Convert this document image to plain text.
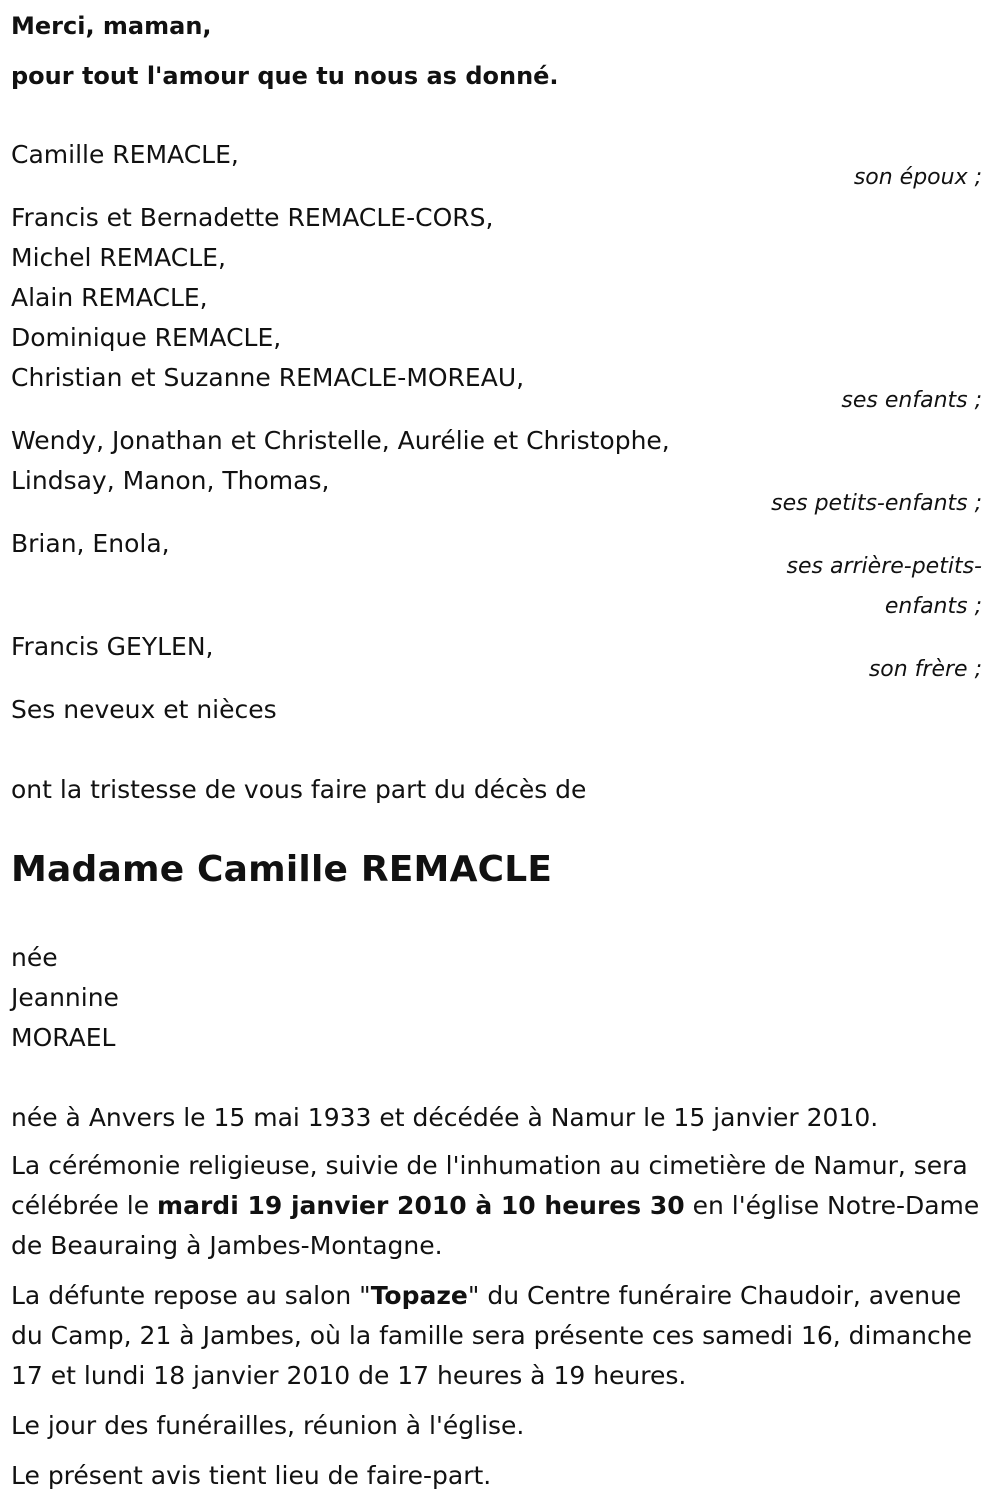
Merci, maman,
pour tout l'amour que tu nous as donné.
Camille REMACLE,
son époux ;
Francis et Bernadette REMACLE-CORS,
Michel REMACLE,
Alain REMACLE,
Dominique REMACLE,
Christian et Suzanne REMACLE-MOREAU,
ses enfants ;
Wendy, Jonathan et Christelle, Aurélie et Christophe,
Lindsay, Manon, Thomas,
ses petits-enfants ;
Brian, Enola,
ses arrière-petits-
enfants ;
Francis GEYLEN,
son frère ;
Ses neveux et nièces
ont la tristesse de vous faire part du décès de
Madame Camille REMACLE
née
Jeannine
MORAEL
née à Anvers le 15 mai 1933 et décédée à Namur le 15 janvier 2010.
La cérémonie religieuse, suivie de l'inhumation au cimetière de Namur, sera célébrée le mardi 19 janvier 2010 à 10 heures 30 en l'église Notre-Dame de Beauraing à Jambes-Montagne.
La défunte repose au salon "Topaze" du Centre funéraire Chaudoir, avenue du Camp, 21 à Jambes, où la famille sera présente ces samedi 16, dimanche 17 et lundi 18 janvier 2010 de 17 heures à 19 heures.
Le jour des funérailles, réunion à l'église.
Le présent avis tient lieu de faire-part.
